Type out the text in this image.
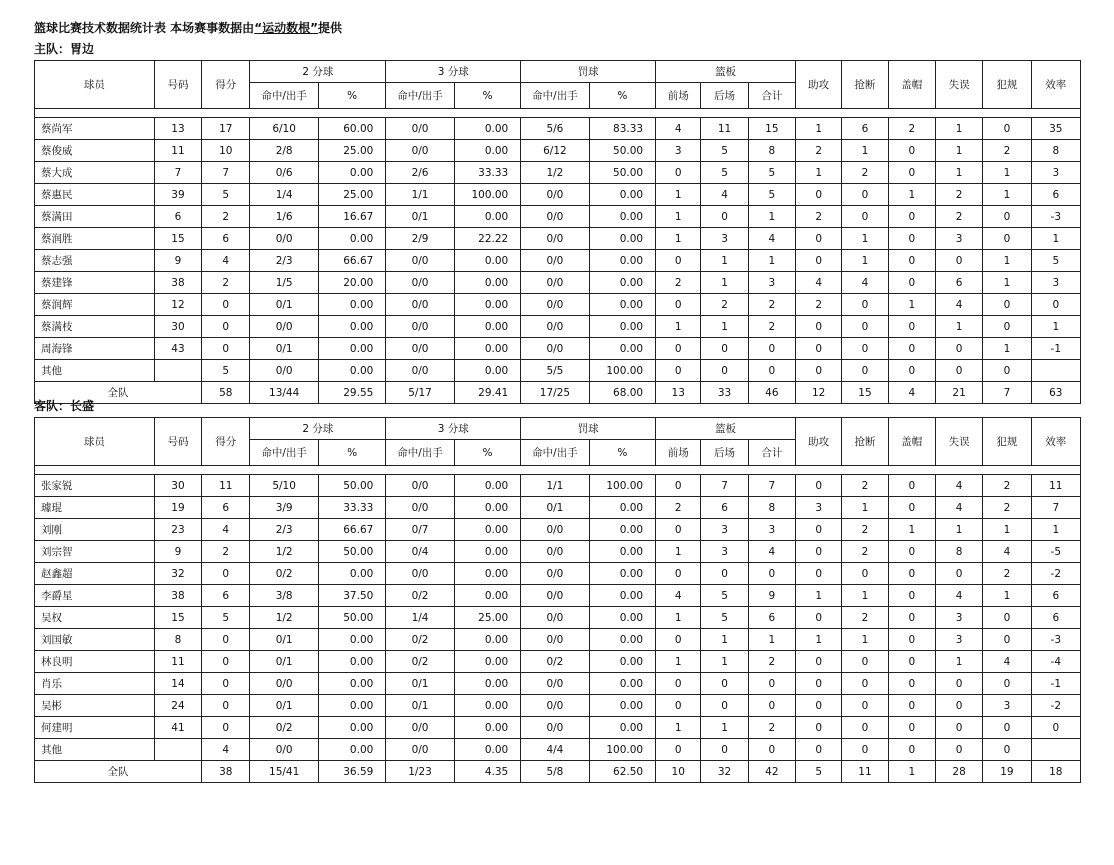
篮球比赛技术数据统计表 本场赛事数据由“运动数根”提供
主队：胃边
球员	号码	得分	2 分球		3 分球		罚球		篮板			助攻	抢断	盖帽	失误	犯规	效率
			命中/出手	%	命中/出手	%	命中/出手	%	前场	后场	合计						

蔡尚军	13	17	6/10	60.00	0/0	0.00	5/6	83.33	4	11	15	1	6	2	1	0	35
蔡俊威	11	10	2/8	25.00	0/0	0.00	6/12	50.00	3	5	8	2	1	0	1	2	8
蔡大成	7	7	0/6	0.00	2/6	33.33	1/2	50.00	0	5	5	1	2	0	1	1	3
蔡惠民	39	5	1/4	25.00	1/1	100.00	0/0	0.00	1	4	5	0	0	1	2	1	6
蔡满田	6	2	1/6	16.67	0/1	0.00	0/0	0.00	1	0	1	2	0	0	2	0	-3
蔡润胜	15	6	0/0	0.00	2/9	22.22	0/0	0.00	1	3	4	0	1	0	3	0	1
蔡志强	9	4	2/3	66.67	0/0	0.00	0/0	0.00	0	1	1	0	1	0	0	1	5
蔡建锋	38	2	1/5	20.00	0/0	0.00	0/0	0.00	2	1	3	4	4	0	6	1	3
蔡润辉	12	0	0/1	0.00	0/0	0.00	0/0	0.00	0	2	2	2	0	1	4	0	0
蔡满枝	30	0	0/0	0.00	0/0	0.00	0/0	0.00	1	1	2	0	0	0	1	0	1
周海锋	43	0	0/1	0.00	0/0	0.00	0/0	0.00	0	0	0	0	0	0	0	1	-1
其他		5	0/0	0.00	0/0	0.00	5/5	100.00	0	0	0	0	0	0	0	0	
全队		58	13/44	29.55	5/17	29.41	17/25	68.00	13	33	46	12	15	4	21	7	63
客队：长盛
球员	号码	得分	2 分球		3 分球		罚球		篮板			助攻	抢断	盖帽	失误	犯规	效率
			命中/出手	%	命中/出手	%	命中/出手	%	前场	后场	合计						

张家锐	30	11	5/10	50.00	0/0	0.00	1/1	100.00	0	7	7	0	2	0	4	2	11
璩琨	19	6	3/9	33.33	0/0	0.00	0/1	0.00	2	6	8	3	1	0	4	2	7
刘刚	23	4	2/3	66.67	0/7	0.00	0/0	0.00	0	3	3	0	2	1	1	1	1
刘宗智	9	2	1/2	50.00	0/4	0.00	0/0	0.00	1	3	4	0	2	0	8	4	-5
赵鑫超	32	0	0/2	0.00	0/0	0.00	0/0	0.00	0	0	0	0	0	0	0	2	-2
李爵星	38	6	3/8	37.50	0/2	0.00	0/0	0.00	4	5	9	1	1	0	4	1	6
吴权	15	5	1/2	50.00	1/4	25.00	0/0	0.00	1	5	6	0	2	0	3	0	6
刘国敏	8	0	0/1	0.00	0/2	0.00	0/0	0.00	0	1	1	1	1	0	3	0	-3
林良明	11	0	0/1	0.00	0/2	0.00	0/2	0.00	1	1	2	0	0	0	1	4	-4
肖乐	14	0	0/0	0.00	0/1	0.00	0/0	0.00	0	0	0	0	0	0	0	0	-1
吴彬	24	0	0/1	0.00	0/1	0.00	0/0	0.00	0	0	0	0	0	0	0	3	-2
何建明	41	0	0/2	0.00	0/0	0.00	0/0	0.00	1	1	2	0	0	0	0	0	0
其他		4	0/0	0.00	0/0	0.00	4/4	100.00	0	0	0	0	0	0	0	0	
全队		38	15/41	36.59	1/23	4.35	5/8	62.50	10	32	42	5	11	1	28	19	18
